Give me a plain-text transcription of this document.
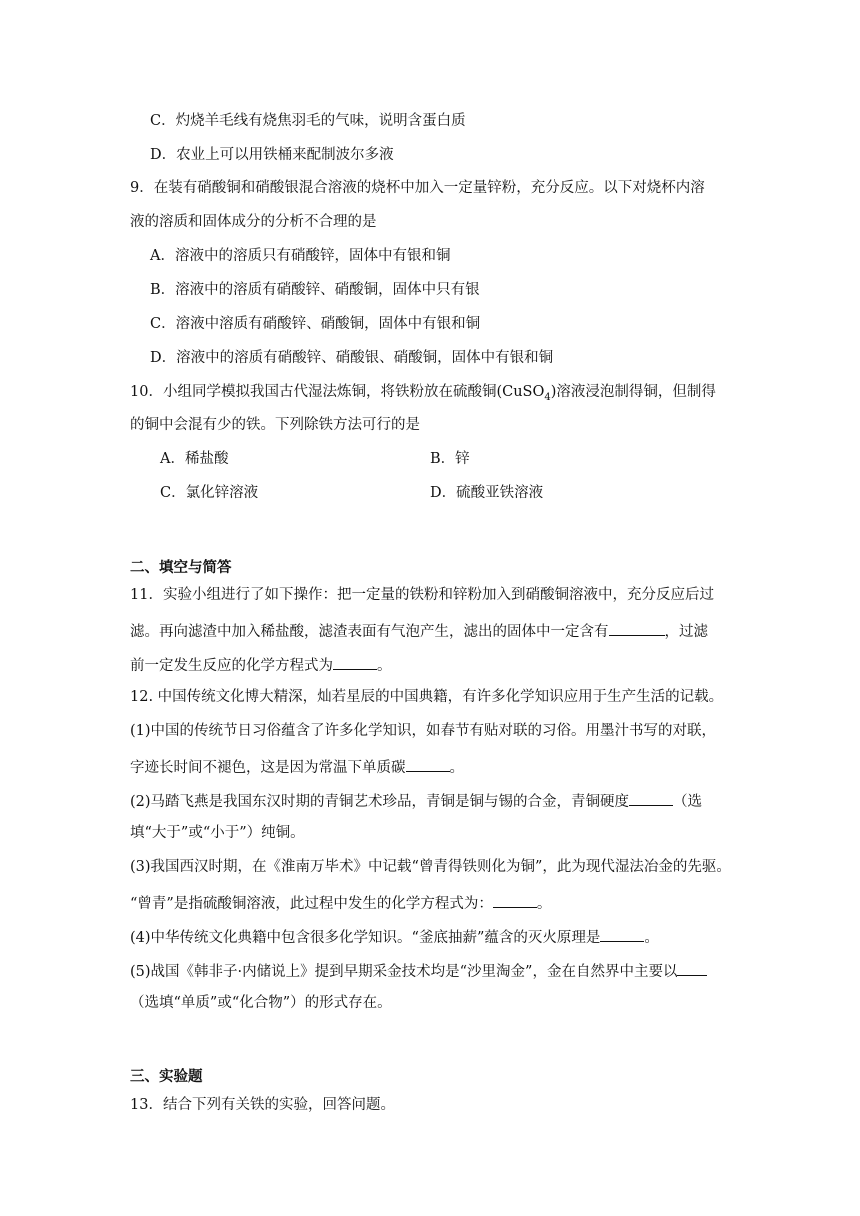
C．灼烧羊毛线有烧焦羽毛的气味，说明含蛋白质
D．农业上可以用铁桶来配制波尔多液
9．在装有硝酸铜和硝酸银混合溶液的烧杯中加入一定量锌粉，充分反应。以下对烧杯内溶
液的溶质和固体成分的分析不合理的是
A．溶液中的溶质只有硝酸锌，固体中有银和铜
B．溶液中的溶质有硝酸锌、硝酸铜，固体中只有银
C．溶液中溶质有硝酸锌、硝酸铜，固体中有银和铜
D．溶液中的溶质有硝酸锌、硝酸银、硝酸铜，固体中有银和铜
10．小组同学模拟我国古代湿法炼铜，将铁粉放在硫酸铜(CuSO$_4$)溶液浸泡制得铜，但制得
的铜中会混有少的铁。下列除铁方法可行的是
A．稀盐酸	B．锌
C．氯化锌溶液	D．硫酸亚铁溶液
二、填空与简答
11．实验小组进行了如下操作：把一定量的铁粉和锌粉加入到硝酸铜溶液中，充分反应后过
滤。再向滤渣中加入稀盐酸，滤渣表面有气泡产生，滤出的固体中一定含有	，过滤
前一定发生反应的化学方程式为	。
12. 中国传统文化博大精深，灿若星辰的中国典籍，有许多化学知识应用于生产生活的记载。
(1)中国的传统节日习俗蕴含了许多化学知识，如春节有贴对联的习俗。用墨汁书写的对联，
字迹长时间不褪色，这是因为常温下单质碳	。
(2)马踏飞燕是我国东汉时期的青铜艺术珍品，青铜是铜与锡的合金，青铜硬度	（选
填“大于”或“小于”）纯铜。
(3)我国西汉时期，在《淮南万毕术》中记载“曾青得铁则化为铜”，此为现代湿法冶金的先驱。
“曾青”是指硫酸铜溶液，此过程中发生的化学方程式为：	。
(4)中华传统文化典籍中包含很多化学知识。“釜底抽薪”蕴含的灭火原理是	。
(5)战国《韩非子·内储说上》提到早期采金技术均是“沙里淘金”，金在自然界中主要以
（选填“单质”或“化合物”）的形式存在。
三、实验题
13．结合下列有关铁的实验，回答问题。
